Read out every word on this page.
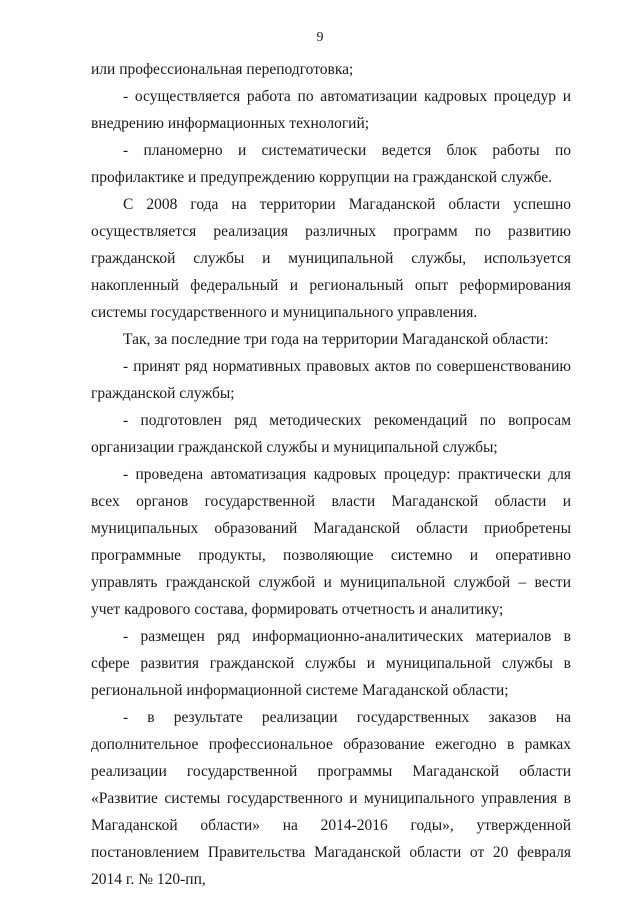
9

или профессиональная переподготовка;

- осуществляется работа по автоматизации кадровых процедур и внедрению информационных технологий;

- планомерно и систематически ведется блок работы по профилактике и предупреждению коррупции на гражданской службе.

С 2008 года на территории Магаданской области успешно осуществляется реализация различных программ по развитию гражданской службы и муниципальной службы, используется накопленный федеральный и региональный опыт реформирования системы государственного и муниципального управления.

Так, за последние три года на территории Магаданской области:

- принят ряд нормативных правовых актов по совершенствованию гражданской службы;

- подготовлен ряд методических рекомендаций по вопросам организации гражданской службы и муниципальной службы;

- проведена автоматизация кадровых процедур: практически для всех органов государственной власти Магаданской области и муниципальных образований Магаданской области приобретены программные продукты, позволяющие системно и оперативно управлять гражданской службой и муниципальной службой – вести учет кадрового состава, формировать отчетность и аналитику;

- размещен ряд информационно-аналитических материалов в сфере развития гражданской службы и муниципальной службы в региональной информационной системе Магаданской области;

- в результате реализации государственных заказов на дополнительное профессиональное образование ежегодно в рамках реализации государственной программы Магаданской области «Развитие системы государственного и муниципального управления в Магаданской области» на 2014-2016 годы», утвержденной постановлением Правительства Магаданской области от 20 февраля 2014 г. № 120-пп,
